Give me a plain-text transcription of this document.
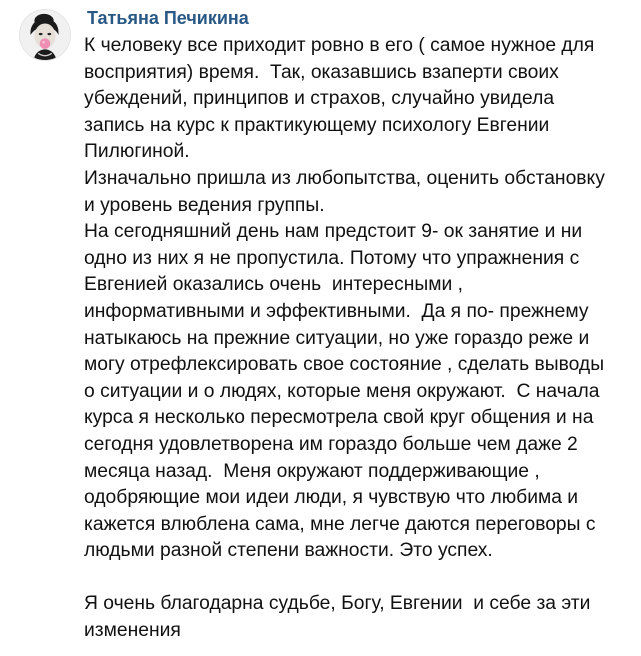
Татьяна Печикина
К человеку все приходит ровно в его ( самое нужное для
восприятия) время.  Так, оказавшись взаперти своих
убеждений, принципов и страхов, случайно увидела
запись на курс к практикующему психологу Евгении
Пилюгиной.
Изначально пришла из любопытства, оценить обстановку
и уровень ведения группы.
На сегодняшний день нам предстоит 9- ок занятие и ни
одно из них я не пропустила. Потому что упражнения с
Евгенией оказались очень  интересными ,
информативными и эффективными.  Да я по- прежнему
натыкаюсь на прежние ситуации, но уже гораздо реже и
могу отрефлексировать свое состояние , сделать выводы
о ситуации и о людях, которые меня окружают.  С начала
курса я несколько пересмотрела свой круг общения и на
сегодня удовлетворена им гораздо больше чем даже 2
месяца назад.  Меня окружают поддерживающие ,
одобряющие мои идеи люди, я чувствую что любима и
кажется влюблена сама, мне легче даются переговоры с
людьми разной степени важности. Это успех.
Я очень благодарна судьбе, Богу, Евгении  и себе за эти
изменения
